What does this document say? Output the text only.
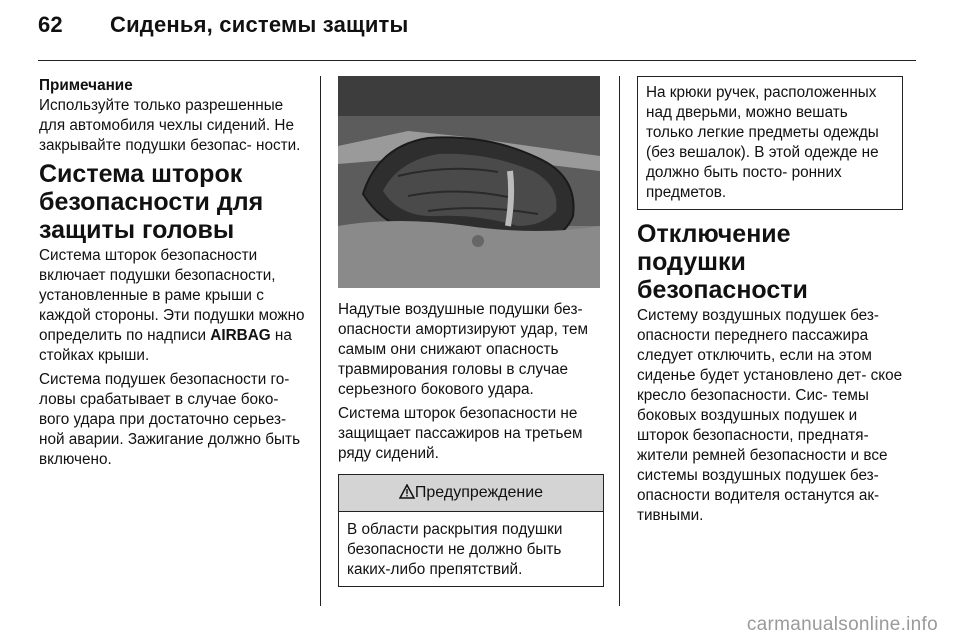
62 Сиденья, системы защиты

Примечание
Используйте только разрешенные для автомобиля чехлы сидений. Не закрывайте подушки безопас- ности.

Система шторок безопасности для защиты головы

Система шторок безопасности включает подушки безопасности, установленные в раме крыши с каждой стороны. Эти подушки можно определить по надписи AIRBAG на стойках крыши.

Система подушек безопасности го- ловы срабатывает в случае боко- вого удара при достаточно серьез- ной аварии. Зажигание должно быть включено.

Надутые воздушные подушки без- опасности амортизируют удар, тем самым они снижают опасность травмирования головы в случае серьезного бокового удара.

Система шторок безопасности не защищает пассажиров на третьем ряду сидений.

Предупреждение
В области раскрытия подушки безопасности не должно быть каких-либо препятствий.
На крюки ручек, расположенных над дверьми, можно вешать только легкие предметы одежды (без вешалок). В этой одежде не должно быть посто- ронних предметов.
Отключение подушки безопасности

Систему воздушных подушек без- опасности переднего пассажира следует отключить, если на этом сиденье будет установлено дет- ское кресло безопасности. Сис- темы боковых воздушных подушек и шторок безопасности, преднатя- жители ремней безопасности и все системы воздушных подушек без- опасности водителя останутся ак- тивными.

carmanualsonline.info
